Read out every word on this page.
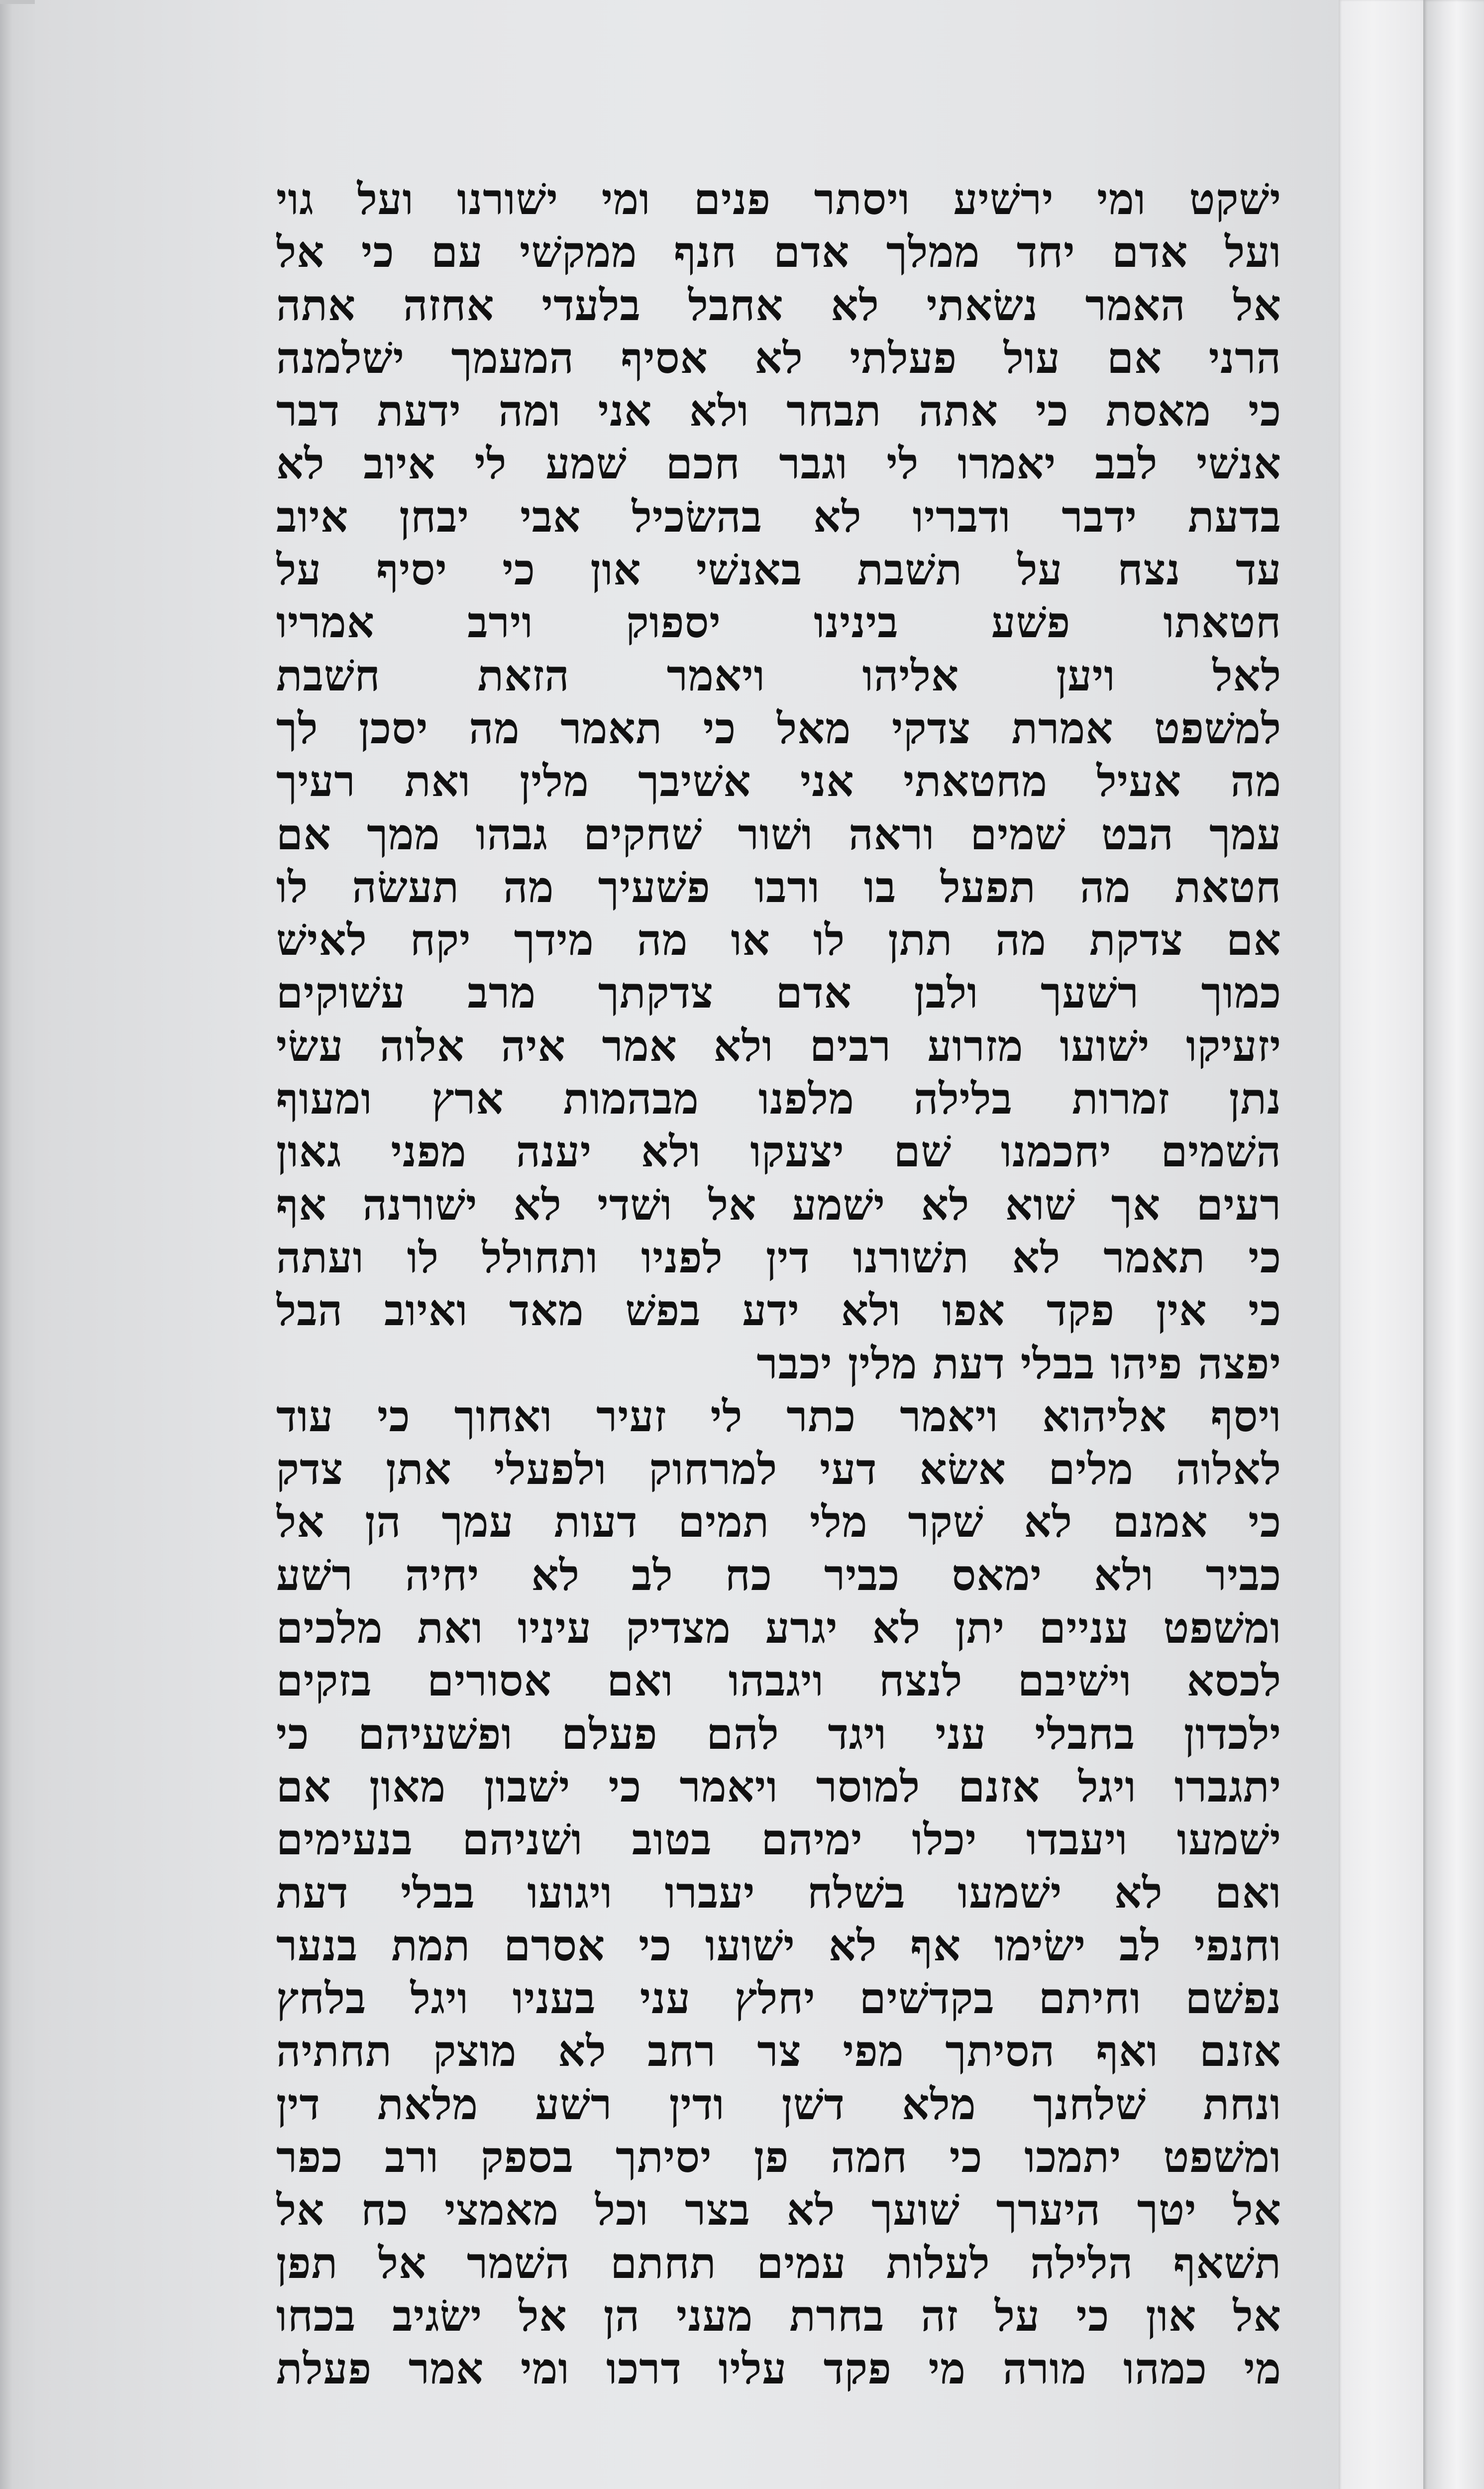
ישׁקט ומי ירשׁיע ויסתר פנים ומי ישׁורנו ועל גוי
ועל אדם יחד ממלך אדם חנף ממקשׁי עם כי אל
אל האמר נשׂאתי לא אחבל בלעדי אחזה אתה
הרני אם עול פעלתי לא אסיף המעמך ישׁלמנה
כי מאסת כי אתה תבחר ולא אני ומה ידעת דבר
אנשׁי לבב יאמרו לי וגבר חכם שׁמע לי איוב לא
בדעת ידבר ודבריו לא בהשׂכיל אבי יבחן איוב
עד נצח על תשׁבת באנשׁי און כי יסיף על
חטאתו פשׁע בינינו יספוק וירב אמריו
לאל ויען אליהו ויאמר הזאת חשׁבת
למשׁפט אמרת צדקי מאל כי תאמר מה יסכן לך
מה אעיל מחטאתי אני אשׁיבך מלין ואת רעיך
עמך הבט שׁמים וראה ושׁור שׁחקים גבהו ממך אם
חטאת מה תפעל בו ורבו פשׁעיך מה תעשׂה לו
אם צדקת מה תתן לו או מה מידך יקח לאישׁ
כמוך רשׁעך ולבן אדם צדקתך מרב עשׁוקים
יזעיקו ישׁועו מזרוע רבים ולא אמר איה אלוה עשׂי
נתן זמרות בלילה מלפנו מבהמות ארץ ומעוף
השׁמים יחכמנו שׁם יצעקו ולא יענה מפני גאון
רעים אך שׁוא לא ישׁמע אל ושׁדי לא ישׁורנה אף
כי תאמר לא תשׁורנו דין לפניו ותחולל לו ועתה
כי אין פקד אפו ולא ידע בפשׁ מאד ואיוב הבל
יפצה פיהו בבלי דעת מלין יכבר
ויסף אליהוא ויאמר כתר לי זעיר ואחוך כי עוד
לאלוה מלים אשׂא דעי למרחוק ולפעלי אתן צדק
כי אמנם לא שׁקר מלי תמים דעות עמך הן אל
כביר ולא ימאס כביר כח לב לא יחיה רשׁע
ומשׁפט עניים יתן לא יגרע מצדיק עיניו ואת מלכים
לכסא וישׁיבם לנצח ויגבהו ואם אסורים בזקים
ילכדון בחבלי עני ויגד להם פעלם ופשׁעיהם כי
יתגברו ויגל אזנם למוסר ויאמר כי ישׁבון מאון אם
ישׁמעו ויעבדו יכלו ימיהם בטוב ושׁניהם בנעימים
ואם לא ישׁמעו בשׁלח יעברו ויגועו בבלי דעת
וחנפי לב ישׂימו אף לא ישׁועו כי אסרם תמת בנער
נפשׁם וחיתם בקדשׁים יחלץ עני בעניו ויגל בלחץ
אזנם ואף הסיתך מפי צר רחב לא מוצק תחתיה
ונחת שׁלחנך מלא דשׁן ודין רשׁע מלאת דין
ומשׁפט יתמכו כי חמה פן יסיתך בספק ורב כפר
אל יטך היערך שׁועך לא בצר וכל מאמצי כח אל
תשׁאף הלילה לעלות עמים תחתם השׁמר אל תפן
אל און כי על זה בחרת מעני הן אל ישׂגיב בכחו
מי כמהו מורה מי פקד עליו דרכו ומי אמר פעלת
